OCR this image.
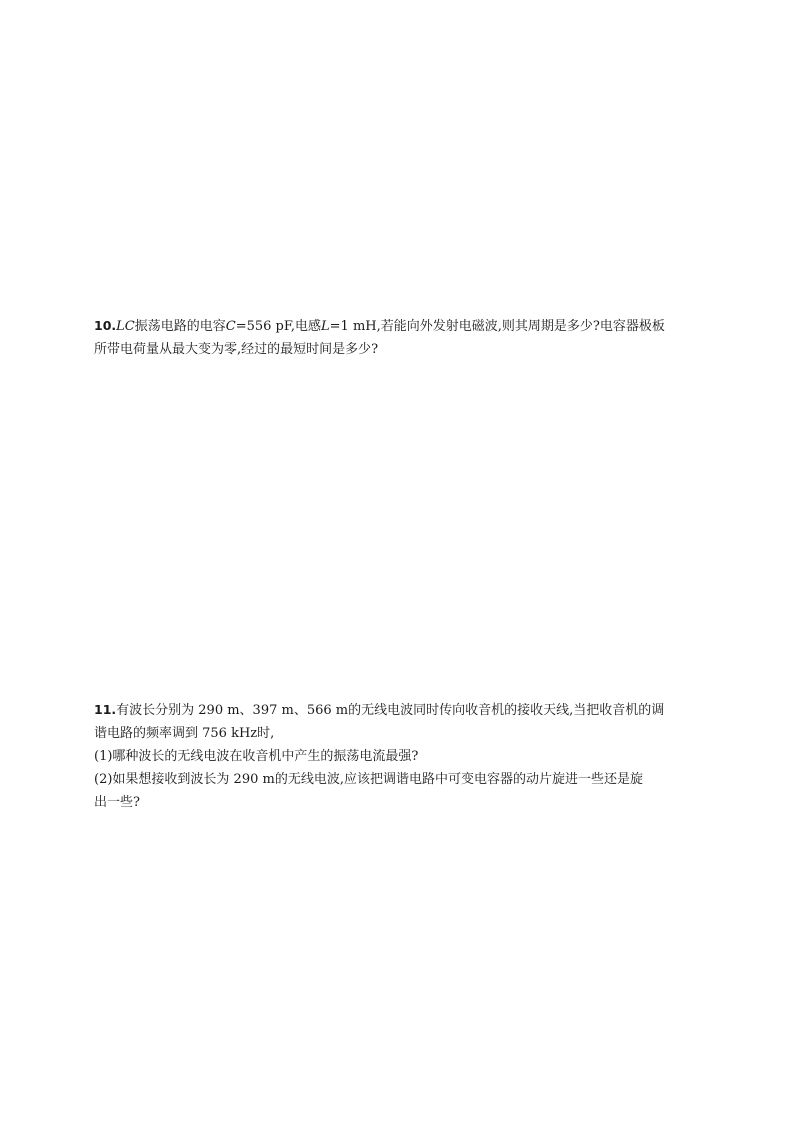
10.LC振荡电路的电容C=556 pF,电感L=1 mH,若能向外发射电磁波,则其周期是多少?电容器极板
所带电荷量从最大变为零,经过的最短时间是多少?
11.有波长分别为 290 m、397 m、566 m的无线电波同时传向收音机的接收天线,当把收音机的调
谐电路的频率调到 756 kHz时,
(1)哪种波长的无线电波在收音机中产生的振荡电流最强?
(2)如果想接收到波长为 290 m的无线电波,应该把调谐电路中可变电容器的动片旋进一些还是旋
出一些?
